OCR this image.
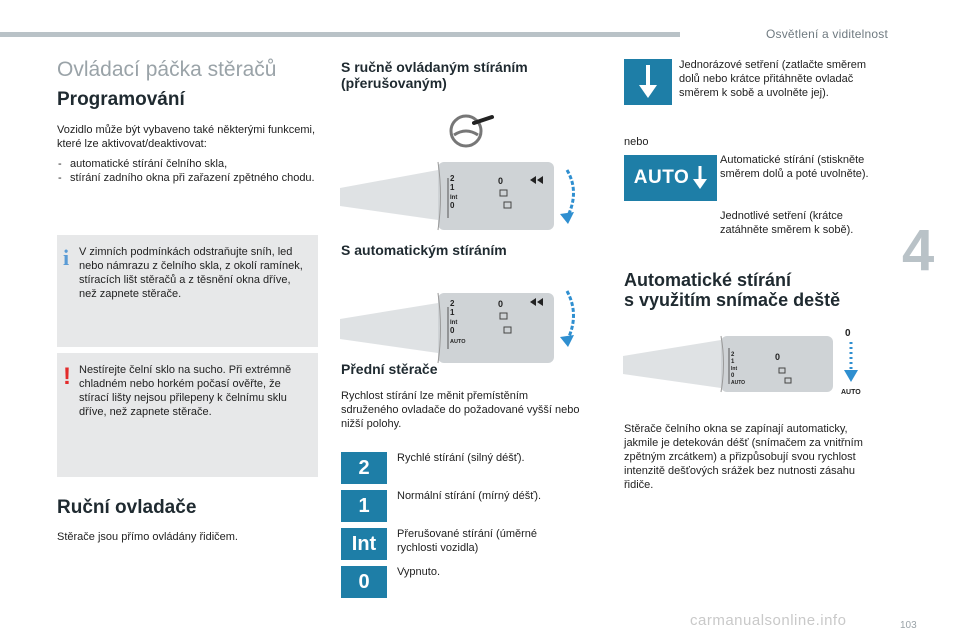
Osvětlení a viditelnost
4
Ovládací páčka stěračů
Programování

Vozidlo může být vybaveno také některými funkcemi, které lze aktivovat/deaktivovat:

- automatické stírání čelního skla,
- stírání zadního okna při zařazení zpětného chodu.
i V zimních podmínkách odstraňujte sníh, led nebo námrazu z čelního skla, z okolí ramínek, stíracích lišt stěračů a z těsnění okna dříve, než zapnete stěrače.
! Nestírejte čelní sklo na sucho. Při extrémně chladném nebo horkém počasí ověřte, že stírací lišty nejsou přilepeny k čelnímu sklu dříve, než zapnete stěrače.
Ruční ovladače

Stěrače jsou přímo ovládány řidičem.

S ručně ovládaným stíráním (přerušovaným)
2
1
Int
0
0
S automatickým stíráním
2
1
Int
0
AUTO
0
Přední stěrače

Rychlost stírání lze měnit přemístěním sdruženého ovladače do požadované vyšší nebo nižší polohy.

2	Rychlé stírání (silný déšť).

1	Normální stírání (mírný déšť).

Int	Přerušované stírání (úměrné rychlosti vozidla)

0	Vypnuto.

Jednorázové setření (zatlačte směrem dolů nebo krátce přitáhněte ovladač směrem k sobě a uvolněte jej).

nebo

AUTO

Automatické stírání (stiskněte směrem dolů a poté uvolněte).

Jednotlivé setření (krátce zatáhněte směrem k sobě).

Automatické stírání
s využitím snímače deště
2
1
Int
0
AUTO
0
0
AUTO

Stěrače čelního okna se zapínají automaticky, jakmile je detekován déšť (snímačem za vnitřním zpětným zrcátkem) a přizpůsobují svou rychlost intenzitě dešťových srážek bez nutnosti zásahu řidiče.

carmanualsonline.info	103
